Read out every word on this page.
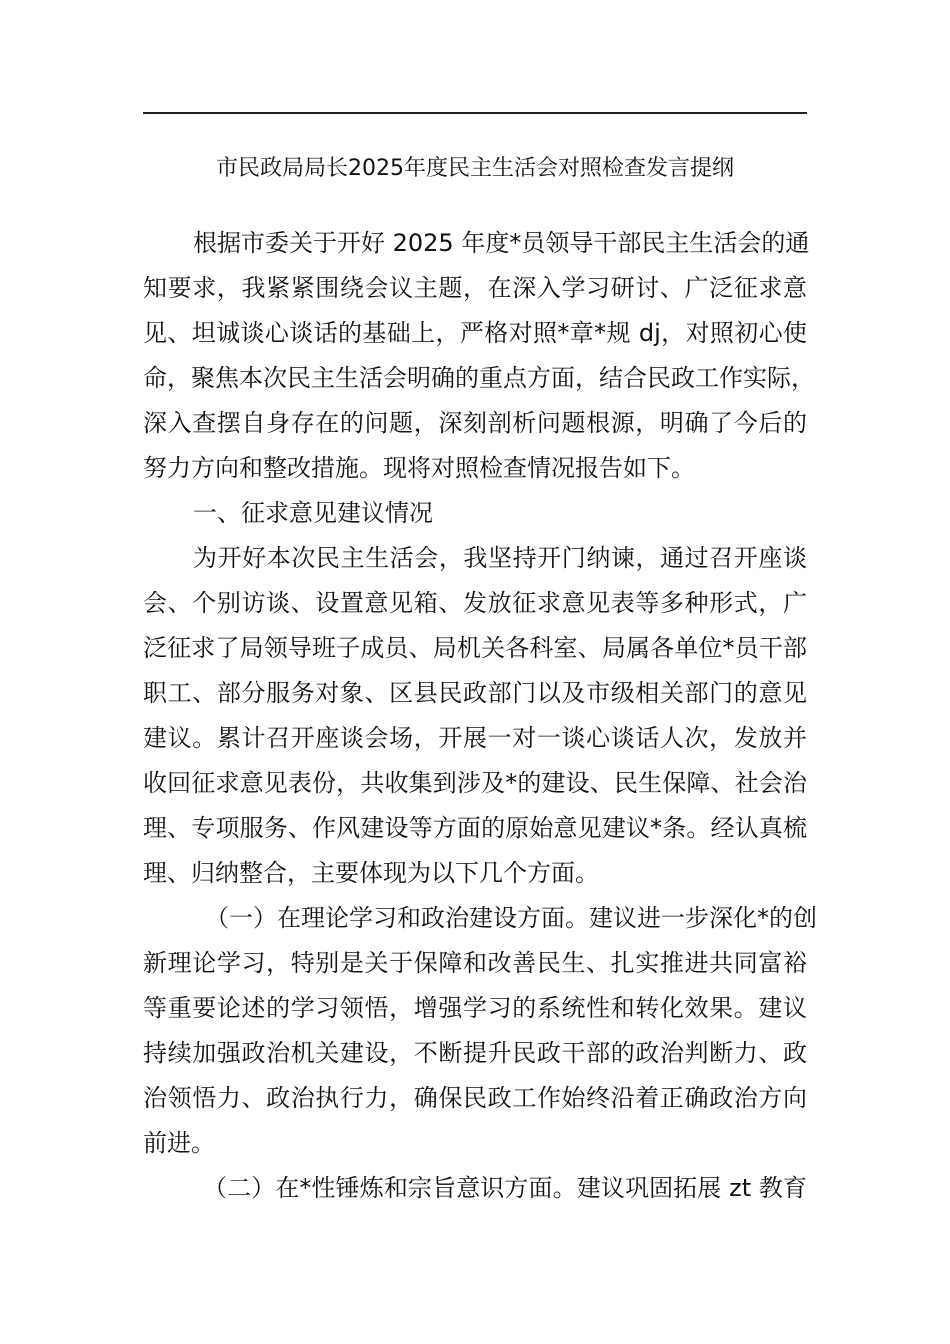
市民政局局长2025年度民主生活会对照检查发言提纲
根据市委关于开好 2025 年度*员领导干部民主生活会的通
知要求，我紧紧围绕会议主题，在深入学习研讨、广泛征求意
见、坦诚谈心谈话的基础上，严格对照*章*规 dj，对照初心使
命，聚焦本次民主生活会明确的重点方面，结合民政工作实际，
深入查摆自身存在的问题，深刻剖析问题根源，明确了今后的
努力方向和整改措施。现将对照检查情况报告如下。
一、征求意见建议情况
为开好本次民主生活会，我坚持开门纳谏，通过召开座谈
会、个别访谈、设置意见箱、发放征求意见表等多种形式，广
泛征求了局领导班子成员、局机关各科室、局属各单位*员干部
职工、部分服务对象、区县民政部门以及市级相关部门的意见
建议。累计召开座谈会场，开展一对一谈心谈话人次，发放并
收回征求意见表份，共收集到涉及*的建设、民生保障、社会治
理、专项服务、作风建设等方面的原始意见建议*条。经认真梳
理、归纳整合，主要体现为以下几个方面。
（一）在理论学习和政治建设方面。建议进一步深化*的创
新理论学习，特别是关于保障和改善民生、扎实推进共同富裕
等重要论述的学习领悟，增强学习的系统性和转化效果。建议
持续加强政治机关建设，不断提升民政干部的政治判断力、政
治领悟力、政治执行力，确保民政工作始终沿着正确政治方向
前进。
（二）在*性锤炼和宗旨意识方面。建议巩固拓展 zt 教育
